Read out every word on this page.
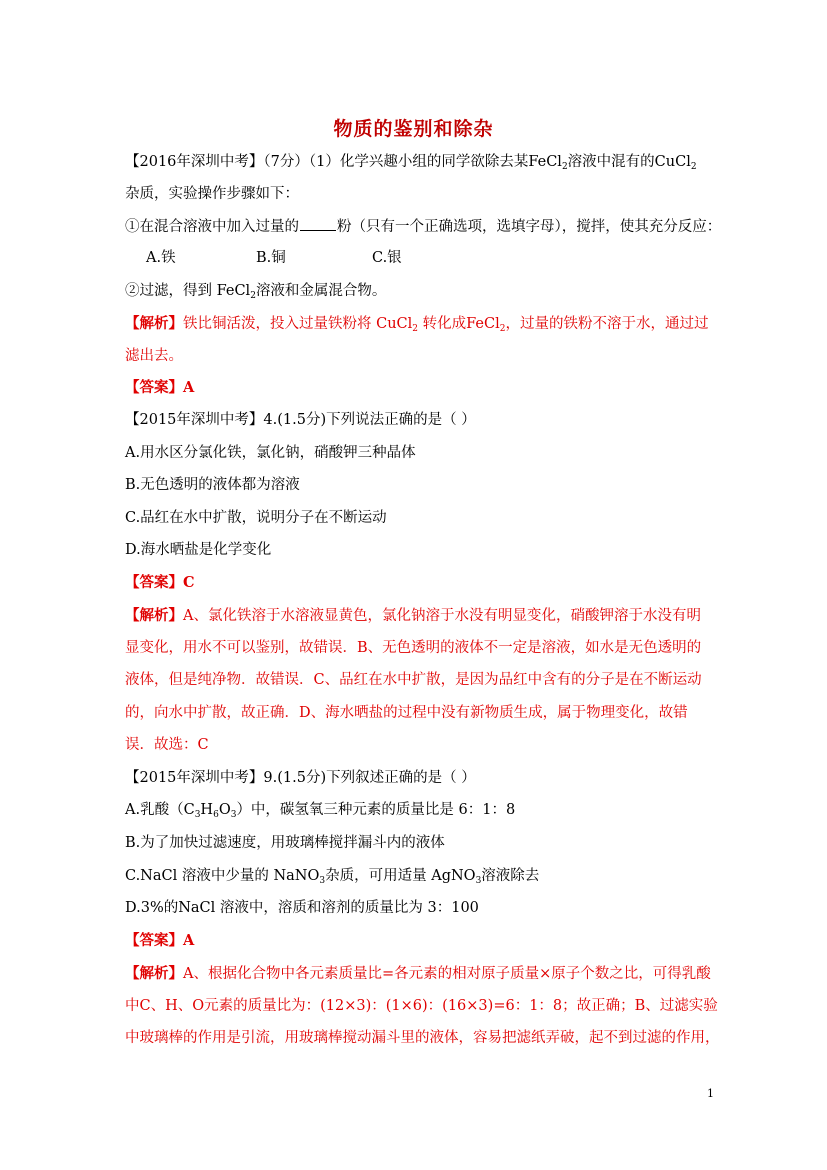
物质的鉴别和除杂
【2016年深圳中考】（7分）（1）化学兴趣小组的同学欲除去某FeCl$_2$溶液中混有的CuCl$_2$
杂质，实验操作步骤如下：
①在混合溶液中加入过量的	粉（只有一个正确选项，选填字母），搅拌，使其充分反应：
A.铁	B.铜	C.银
②过滤，得到 FeCl$_2$溶液和金属混合物。
【解析】铁比铜活泼，投入过量铁粉将 CuCl$_2$ 转化成FeCl$_2$，过量的铁粉不溶于水，通过过
滤出去。
【答案】A
【2015年深圳中考】4.(1.5分)下列说法正确的是（ ）
A.用水区分氯化铁，氯化钠，硝酸钾三种晶体
B.无色透明的液体都为溶液
C.品红在水中扩散，说明分子在不断运动
D.海水晒盐是化学变化
【答案】C
【解析】A、氯化铁溶于水溶液显黄色，氯化钠溶于水没有明显变化，硝酸钾溶于水没有明
显变化，用水不可以鉴别，故错误．B、无色透明的液体不一定是溶液，如水是无色透明的
液体，但是纯净物．故错误．C、品红在水中扩散，是因为品红中含有的分子是在不断运动
的，向水中扩散，故正确．D、海水晒盐的过程中没有新物质生成，属于物理变化，故错
误．故选：C
【2015年深圳中考】9.(1.5分)下列叙述正确的是（ ）
A.乳酸$(C_3H_6O_3)$中，碳氢氧三种元素的质量比是 6：1：8
B.为了加快过滤速度，用玻璃棒搅拌漏斗内的液体
C.NaCl 溶液中少量的 NaNO$_3$杂质，可用适量 AgNO$_3$溶液除去
D.3%的NaCl 溶液中，溶质和溶剂的质量比为 3：100
【答案】A
【解析】A、根据化合物中各元素质量比=各元素的相对原子质量×原子个数之比，可得乳酸
中C、H、O元素的质量比为：(12×3)：(1×6)：(16×3)=6：1：8；故正确；B、过滤实验
中玻璃棒的作用是引流，用玻璃棒搅动漏斗里的液体，容易把滤纸弄破，起不到过滤的作用，
1
